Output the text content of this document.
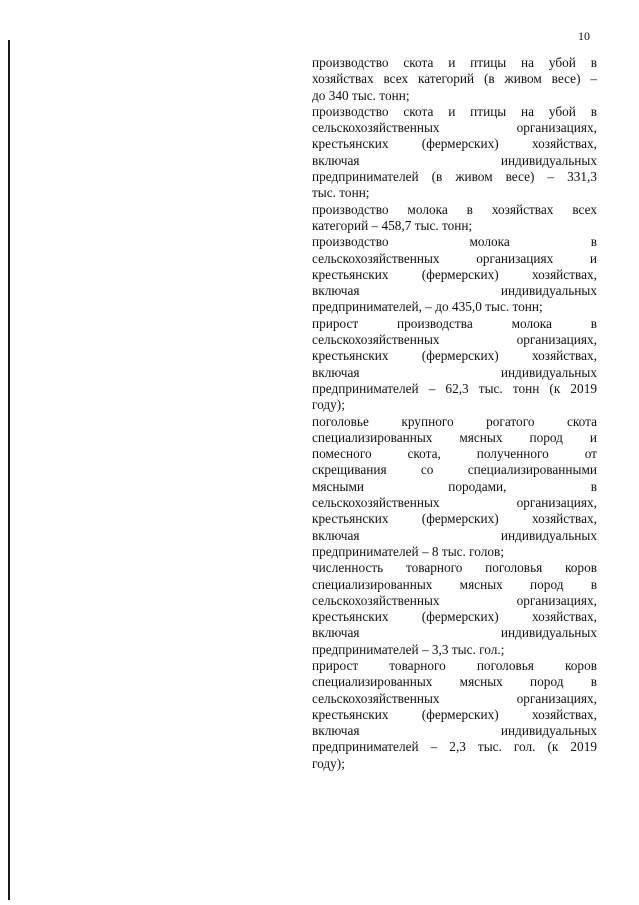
10

производство скота и птицы на убой в
хозяйствах всех категорий (в живом весе) –
до 340 тыс. тонн;

производство скота и птицы на убой в
сельскохозяйственных организациях,
крестьянских (фермерских) хозяйствах,
включая индивидуальных
предпринимателей (в живом весе) – 331,3
тыс. тонн;

производство молока в хозяйствах всех
категорий – 458,7 тыс. тонн;

производство молока в
сельскохозяйственных организациях и
крестьянских (фермерских) хозяйствах,
включая индивидуальных
предпринимателей, – до 435,0 тыс. тонн;

прирост производства молока в
сельскохозяйственных организациях,
крестьянских (фермерских) хозяйствах,
включая индивидуальных
предпринимателей – 62,3 тыс. тонн (к 2019
году);

поголовье крупного рогатого скота
специализированных мясных пород и
помесного скота, полученного от
скрещивания со специализированными
мясными породами, в
сельскохозяйственных организациях,
крестьянских (фермерских) хозяйствах,
включая индивидуальных
предпринимателей – 8 тыс. голов;

численность товарного поголовья коров
специализированных мясных пород в
сельскохозяйственных организациях,
крестьянских (фермерских) хозяйствах,
включая индивидуальных
предпринимателей – 3,3 тыс. гол.;

прирост товарного поголовья коров
специализированных мясных пород в
сельскохозяйственных организациях,
крестьянских (фермерских) хозяйствах,
включая индивидуальных
предпринимателей – 2,3 тыс. гол. (к 2019
году);
